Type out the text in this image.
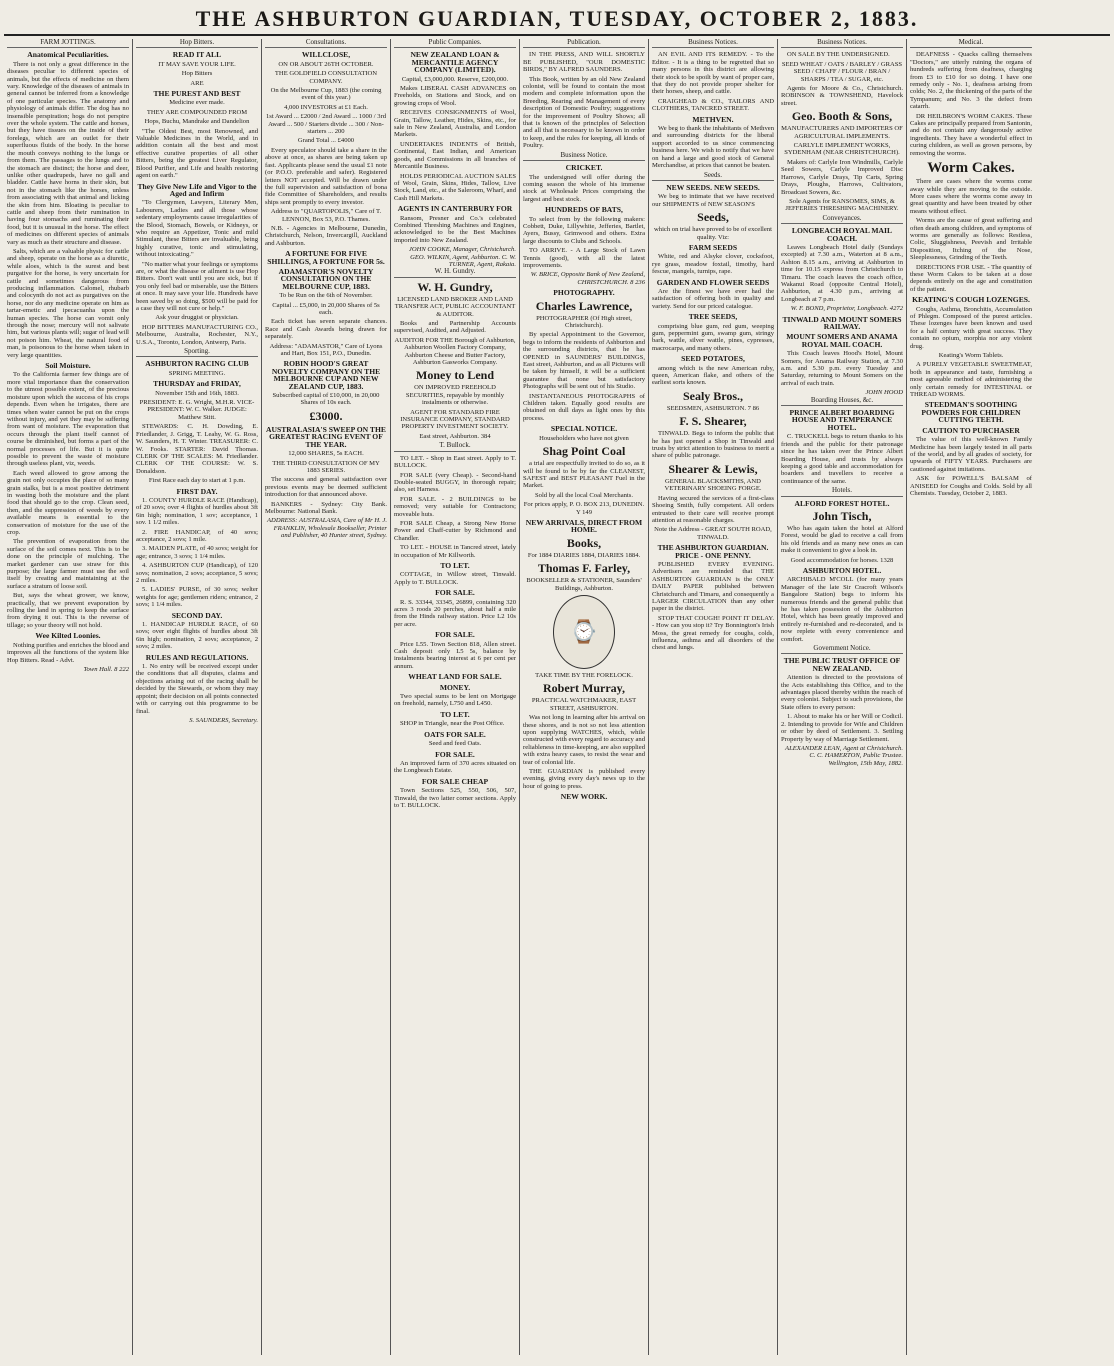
THE ASHBURTON GUARDIAN, TUESDAY, OCTOBER 2, 1883.
FARM JOTTINGS.
Anatomical Peculiarities.

There is not only a great difference in the diseases peculiar to different species of animals, but the effects of medicine on them vary. Knowledge of the diseases of animals in general cannot be inferred from a knowledge of one particular species. The anatomy and physiology of animals differ. The dog has no insensible perspiration; hogs do not perspire over the whole system. The cattle and horses, but they have tissues on the inside of their forelegs, which are an outlet for their superfluous fluids of the body. In the horse the mouth conveys nothing to the lungs or from them. The passages to the lungs and to the stomach are distinct; the horse and deer, unlike other quadrupeds, have no gall and bladder. Cattle have horns in their skin, but not in the stomach like the horses, unless from associating with that animal and licking the skin from him. Bloating is peculiar to cattle and sheep from their rumination in having four stomachs and ruminating their food, but it is unusual in the horse. The effect of medicines on different species of animals vary as much as their structure and disease.

Salts, which are a valuable physic for cattle and sheep, operate on the horse as a diuretic, while aloes, which is the surest and best purgative for the horse, is very uncertain for cattle and sometimes dangerous from producing inflammation. Calomel, rhubarb and colocynth do not act as purgatives on the horse, nor do any medicine operate on him as tartar-emetic and ipecacuanha upon the human species. The horse can vomit only through the nose; mercury will not salivate him, but various plants will; sugar of lead will not poison him. Wheat, the natural food of man, is poisonous to the horse when taken in very large quantities.

Soil Moisture.

To the California farmer few things are of more vital importance than the conservation to the utmost possible extent, of the precious moisture upon which the success of his crops depends. Even when he irrigates, there are times when water cannot be put on the crops without injury, and yet they may be suffering from want of moisture. The evaporation that occurs through the plant itself cannot of course be diminished, but forms a part of the normal processes of life. But it is quite possible to prevent the waste of moisture through useless plant, viz, weeds.

Each weed allowed to grow among the grain not only occupies the place of so many grain stalks, but is a most positive detriment in wasting both the moisture and the plant food that should go to the crop. Clean seed, then, and the suppression of weeds by every available means is essential to the conservation of moisture for the use of the crop.

The prevention of evaporation from the surface of the soil comes next. This is to be done on the principle of mulching. The market gardener can use straw for this purpose; the large farmer must use the soil itself by creating and maintaining at the surface a stratum of loose soil.

But, says the wheat grower, we know, practically, that we prevent evaporation by rolling the land in spring to keep the surface from drying it out. This is the reverse of tillage; so your theory will not hold.

Wee Kilted Loonies.

Nothing purifies and enriches the blood and improves all the functions of the system like Hop Bitters. Read - Advt.

Town Hall. 8 222
Hop Bitters.
READ IT ALL
IT MAY SAVE YOUR LIFE.
Hop Bitters
ARE
THE PUREST AND BEST
Medicine ever made.
THEY ARE COMPOUNDED FROM
Hops, Buchu, Mandrake and Dandelion

"The Oldest Best, most Renowned, and Valuable Medicines in the World, and in addition contain all the best and most effective curative properties of all other Bitters, being the greatest Liver Regulator, Blood Purifier, and Life and health restoring agent on earth."

They Give New Life and Vigor to the Aged and Infirm

"To Clergymen, Lawyers, Literary Men, Labourers, Ladies and all those whose sedentary employments cause irregularities of the Blood, Stomach, Bowels, or Kidneys, or who require an Appetizer, Tonic and mild Stimulant, these Bitters are invaluable, being highly curative, tonic and stimulating, without intoxicating."

"No matter what your feelings or symptoms are, or what the disease or ailment is use Hop Bitters. Don't wait until you are sick, but if you only feel bad or miserable, use the Bitters at once. It may save your life. Hundreds have been saved by so doing, $500 will be paid for a case they will not cure or help."

Ask your druggist or physician.

HOP BITTERS MANUFACTURING CO., Melbourne, Australia, Rochester, N.Y., U.S.A., Toronto, London, Antwerp, Paris.

Sporting.
ASHBURTON RACING CLUB
SPRING MEETING.
THURSDAY and FRIDAY,
November 15th and 16th, 1883.
PRESIDENT: E. G. Wright, M.H.R. VICE-PRESIDENT: W. C. Walker. JUDGE: Matthew Stitt.

STEWARDS: C. H. Dowding, E. Friedlander, J. Grigg, T. Leahy, W. G. Ross, W. Saunders, H. T. Winter. TREASURER: C. W. Fooks. STARTER: David Thomas. CLERK OF THE SCALES: M. Friedlander. CLERK OF THE COURSE: W. S. Donaldson.

First Race each day to start at 1 p.m.
FIRST DAY.

1. COUNTY HURDLE RACE (Handicap), of 20 sovs; over 4 flights of hurdles about 3ft 6in high; nomination, 1 sov; acceptance, 1 sov. 1 1/2 miles.

2. FIRE HANDICAP, of 40 sovs; acceptance, 2 sovs; 1 mile.

3. MAIDEN PLATE, of 40 sovs; weight for age; entrance, 3 sovs; 1 1/4 miles.

4. ASHBURTON CUP (Handicap), of 120 sovs; nomination, 2 sovs; acceptance, 5 sovs; 2 miles.

5. LADIES' PURSE, of 30 sovs; welter weights for age; gentlemen riders; entrance, 2 sovs; 1 1/4 miles.

SECOND DAY.

1. HANDICAP HURDLE RACE, of 60 sovs; over eight flights of hurdles about 3ft 6in high; nomination, 2 sovs; acceptance, 2 sovs; 2 miles.

RULES AND REGULATIONS.

1. No entry will be received except under the conditions that all disputes, claims and objections arising out of the racing shall be decided by the Stewards, or whom they may appoint; their decision on all points connected with or carrying out this programme to be final.

S. SAUNDERS, Secretary.
Consultations.
WILLCLOSE,
ON OR ABOUT 26TH OCTOBER.
THE GOLDFIELD CONSULTATION COMPANY.
On the Melbourne Cup, 1883 (the coming event of this year.)
4,000 INVESTORS at £1 Each.
1st Award ... £2000 / 2nd Award ... 1000 / 3rd Award ... 500 / Starters divide ... 300 / Non-starters ... 200
Grand Total ... £4000

Every speculator should take a share in the above at once, as shares are being taken up fast. Applicants please send the usual £1 note (or P.O.O. preferable and safer). Registered letters NOT accepted. Will be drawn under the full supervision and satisfaction of bona fide Committee of Shareholders, and results ships sent promptly to every investor.

Address to "QUARTOPOLIS," Care of T. LENNON, Box 53, P.O. Thames.

N.B. - Agencies in Melbourne, Dunedin, Christchurch, Nelson, Invercargill, Auckland and Ashburton.

A FORTUNE FOR FIVE SHILLINGS, A FORTUNE FOR 5s.
ADAMASTOR'S NOVELTY CONSULTATION ON THE MELBOURNE CUP, 1883.
To be Run on the 6th of November.
Capital ... £5,000, in 20,000 Shares of 5s each.

Each ticket has seven separate chances. Race and Cash Awards being drawn for separately.

Address: "ADAMASTOR," Care of Lyons and Hart, Box 151, P.O., Dunedin.
ROBIN HOOD'S GREAT NOVELTY COMPANY ON THE MELBOURNE CUP AND NEW ZEALAND CUP, 1883.
Subscribed capital of £10,000, in 20,000 Shares of 10s each.
£3000.
AUSTRALASIA'S SWEEP ON THE GREATEST RACING EVENT OF THE YEAR.
12,000 SHARES, 5s EACH.
THE THIRD CONSULTATION OF MY 1883 SERIES.

The success and general satisfaction over previous events may be deemed sufficient introduction for that announced above.

BANKERS - Sydney: City Bank. Melbourne: National Bank.

ADDRESS: AUSTRALASIA, Care of Mr H. J. FRANKLIN, Wholesale Bookseller, Printer and Publisher, 40 Hunter street, Sydney.
Public Companies.
NEW ZEALAND LOAN & MERCANTILE AGENCY COMPANY (LIMITED).
Capital, £3,000,000. Reserve, £200,000.

Makes LIBERAL CASH ADVANCES on Freeholds, on Stations and Stock, and on growing crops of Wool.

RECEIVES CONSIGNMENTS of Wool, Grain, Tallow, Leather, Hides, Skins, etc., for sale in New Zealand, Australia, and London Markets.

UNDERTAKES INDENTS of British, Continental, East Indian, and American goods, and Commissions in all branches of Mercantile Business.

HOLDS PERIODICAL AUCTION SALES of Wool, Grain, Skins, Hides, Tallow, Live Stock, Land, etc., at the Saleroom, Wharf, and Cash Hill Markets.

AGENTS IN CANTERBURY FOR

Ransom, Presner and Co.'s celebrated Combined Threshing Machines and Engines, acknowledged to be the Best Machines imported into New Zealand.

JOHN COOKE, Manager, Christchurch. GEO. WILKIN, Agent, Ashburton. C. W. TURNER, Agent, Rakaia.
W. H. Gundry.
W. H. Gundry,
LICENSED LAND BROKER AND LAND TRANSFER ACT, PUBLIC ACCOUNTANT & AUDITOR.

Books and Partnership Accounts supervised, Audited, and Adjusted.

AUDITOR FOR THE Borough of Ashburton, Ashburton Woollen Factory Company, Ashburton Cheese and Butter Factory, Ashburton Gasworks Company.
Money to Lend
ON IMPROVED FREEHOLD SECURITIES, repayable by monthly instalments or otherwise.
AGENT FOR STANDARD FIRE INSURANCE COMPANY, STANDARD PROPERTY INVESTMENT SOCIETY.
East street, Ashburton. 384
T. Bullock.

TO LET. - Shop in East street. Apply to T. BULLOCK.

FOR SALE (very Cheap). - Second-hand Double-seated BUGGY, in thorough repair; also, set Harness.

FOR SALE. - 2 BUILDINGS to be removed; very suitable for Contractors; moveable huts.

FOR SALE Cheap, a Strong New Horse Power and Chaff-cutter by Richmond and Chandler.

TO LET. - HOUSE in Tancred street, lately in occupation of Mr Killworth.

TO LET.

COTTAGE, in Willow street, Tinwald. Apply to T. BULLOCK.

FOR SALE.

R. S. 33344, 33345, 26899, containing 320 acres 3 roods 20 perches, about half a mile from the Hinds railway station. Price L2 10s per acre.

FOR SALE.

Price L55. Town Section 818, Allen street. Cash deposit only L5 5s, balance by instalments bearing interest at 6 per cent per annum.

WHEAT LAND FOR SALE.
MONEY.

Two special sums to be lent on Mortgage on freehold, namely, L750 and L450.

TO LET.

SHOP in Triangle, near the Post Office.

OATS FOR SALE.
Seed and feed Oats.
FOR SALE.

An improved farm of 370 acres situated on the Longbeach Estate.

FOR SALE CHEAP

Town Sections 525, 550, 506, 507, Tinwald, the two latter corner sections. Apply to T. BULLOCK.

Publication.

IN THE PRESS, AND WILL SHORTLY BE PUBLISHED, "OUR DOMESTIC BIRDS," BY ALFRED SAUNDERS.

This Book, written by an old New Zealand colonist, will be found to contain the most modern and complete information upon the Breeding, Rearing and Management of every description of Domestic Poultry; suggestions for the improvement of Poultry Shows; all that is known of the principles of Selection and all that is necessary to be known in order to keep, and the rules for keeping, all kinds of Poultry.

Business Notice.
CRICKET.

The undersigned will offer during the coming season the whole of his immense stock at Wholesale Prices comprising the largest and best stock.

HUNDREDS OF BATS,

To select from by the following makers: Cobbett, Duke, Lillywhite, Jefferies, Bartlet, Ayers, Bussy, Grimwood and others. Extra large discounts to Clubs and Schools.

TO ARRIVE. - A Large Stock of Lawn Tennis (good), with all the latest improvements.

W. BRICE, Opposite Bank of New Zealand, CHRISTCHURCH. 8 236
PHOTOGRAPHY.
Charles Lawrence,
PHOTOGRAPHER (Of High street, Christchurch).

By special Appointment to the Governor, begs to inform the residents of Ashburton and the surrounding districts, that he has OPENED in SAUNDERS' BUILDINGS, East street, Ashburton, and as all Pictures will be taken by himself, it will be a sufficient guarantee that none but satisfactory Photographs will be sent out of his Studio.

INSTANTANEOUS PHOTOGRAPHS of Children taken. Equally good results are obtained on dull days as light ones by this process.

SPECIAL NOTICE.
Householders who have not given
Shag Point Coal

a trial are respectfully invited to do so, as it will be found to be by far the CLEANEST, SAFEST and BEST PLEASANT Fuel in the Market.

Sold by all the local Coal Merchants.
For prices apply, P. O. BOX 213, DUNEDIN. Y 149
NEW ARRIVALS, DIRECT FROM HOME.
Books,
For 1884 DIARIES 1884, DIARIES 1884.
Thomas F. Farley,
BOOKSELLER & STATIONER, Saunders' Buildings, Ashburton.
⌚
TAKE TIME BY THE FORELOCK.
Robert Murray,
PRACTICAL WATCHMAKER, EAST STREET, ASHBURTON.

Was not long in learning after his arrival on these shores, and is not so not less attention upon supplying WATCHES, which, while constructed with every regard to accuracy and reliableness in time-keeping, are also supplied with extra heavy cases, to resist the wear and tear of colonial life.

THE GUARDIAN is published every evening, giving every day's news up to the hour of going to press.

NEW WORK.
Business Notices.

AN EVIL AND ITS REMEDY. - To the Editor. - It is a thing to be regretted that so many persons in this district are allowing their stock to be spoilt by want of proper care, that they do not provide proper shelter for their horses, sheep, and cattle.

CRAIGHEAD & CO., TAILORS AND CLOTHIERS, TANCRED STREET.

METHVEN.

We beg to thank the inhabitants of Methven and surrounding districts for the liberal support accorded to us since commencing business here. We wish to notify that we have on hand a large and good stock of General Merchandise, at prices that cannot be beaten.

Seeds.
NEW SEEDS. NEW SEEDS.

We beg to intimate that we have received our SHIPMENTS of NEW SEASON'S

Seeds,
which on trial have proved to be of excellent quality. Viz:
FARM SEEDS

White, red and Alsyke clover, cocksfoot, rye grass, meadow foxtail, timothy, hard fescue, mangels, turnips, rape.

GARDEN AND FLOWER SEEDS

Are the finest we have ever had the satisfaction of offering both in quality and variety. Send for our priced catalogue.

TREE SEEDS,

comprising blue gum, red gum, weeping gum, peppermint gum, swamp gum, stringy bark, wattle, silver wattle, pines, cypresses, macrocarpa, and many others.

SEED POTATOES,

among which is the new American ruby, queen, American flake, and others of the earliest sorts known.

Sealy Bros.,
SEEDSMEN, ASHBURTON. 7 86
F. S. Shearer,

TINWALD. Begs to inform the public that he has just opened a Shop in Tinwald and trusts by strict attention to business to merit a share of public patronage.

Shearer & Lewis,
GENERAL BLACKSMITHS, AND VETERINARY SHOEING FORGE.

Having secured the services of a first-class Shoeing Smith, fully competent. All orders entrusted to their care will receive prompt attention at reasonable charges.

Note the Address - GREAT SOUTH ROAD, TINWALD.
THE ASHBURTON GUARDIAN. PRICE - ONE PENNY.

PUBLISHED EVERY EVENING. Advertisers are reminded that THE ASHBURTON GUARDIAN is the ONLY DAILY PAPER published between Christchurch and Timaru, and consequently a LARGER CIRCULATION than any other paper in the district.

STOP THAT COUGH! POINT IT DELAY. - How can you stop it? Try Bonnington's Irish Moss, the great remedy for coughs, colds, influenza, asthma and all disorders of the chest and lungs.

Business Notices.

ON SALE BY THE UNDERSIGNED.

SEED WHEAT / OATS / BARLEY / GRASS SEED / CHAFF / FLOUR / BRAN / SHARPS / TEA / SUGAR, etc.

Agents for Moore & Co., Christchurch. ROBINSON & TOWNSHEND, Havelock street.

Geo. Booth & Sons,
MANUFACTURERS AND IMPORTERS OF AGRICULTURAL IMPLEMENTS.
CARLYLE IMPLEMENT WORKS, SYDENHAM (NEAR CHRISTCHURCH).

Makers of: Carlyle Iron Windmills, Carlyle Seed Sowers, Carlyle Improved Disc Harrows, Carlyle Drays, Tip Carts, Spring Drays, Ploughs, Harrows, Cultivators, Broadcast Sowers, &c.

Sole Agents for RANSOMES, SIMS, & JEFFERIES THRESHING MACHINERY.
Conveyances.
LONGBEACH ROYAL MAIL COACH.

Leaves Longbeach Hotel daily (Sundays excepted) at 7.30 a.m., Waterton at 8 a.m., Ashton 8.15 a.m., arriving at Ashburton in time for 10.15 express from Christchurch to Timaru. The coach leaves the coach office, Wakanui Road (opposite Central Hotel), Ashburton, at 4.30 p.m., arriving at Longbeach at 7 p.m.

W. F. BOND, Proprietor, Longbeach. 4272
TINWALD AND MOUNT SOMERS RAILWAY.
MOUNT SOMERS AND ANAMA ROYAL MAIL COACH.

This Coach leaves Hood's Hotel, Mount Somers, for Anama Railway Station, at 7.30 a.m. and 5.30 p.m. every Tuesday and Saturday, returning to Mount Somers on the arrival of each train.

JOHN HOOD
Boarding Houses, &c.
PRINCE ALBERT BOARDING HOUSE AND TEMPERANCE HOTEL.

C. TRUCKELL begs to return thanks to his friends and the public for their patronage since he has taken over the Prince Albert Boarding House, and trusts by always keeping a good table and accommodation for boarders and travellers to receive a continuance of the same.

Hotels.
ALFORD FOREST HOTEL.
John Tisch,

Who has again taken the hotel at Alford Forest, would be glad to receive a call from his old friends and as many new ones as can make it convenient to give a look in.

Good accommodation for horses. 1328
ASHBURTON HOTEL.

ARCHIBALD M'COLL (for many years Manager of the late Sir Cracroft Wilson's Bangalore Station) begs to inform his numerous friends and the general public that he has taken possession of the Ashburton Hotel, which has been greatly improved and entirely re-furnished and re-decorated, and is now replete with every convenience and comfort.

Government Notice.
THE PUBLIC TRUST OFFICE OF NEW ZEALAND.

Attention is directed to the provisions of the Acts establishing this Office, and to the advantages placed thereby within the reach of every colonist. Subject to such provisions, the State offers to every person:

1. About to make his or her Will or Codicil. 2. Intending to provide for Wife and Children or other by deed of Settlement. 3. Settling Property by way of Marriage Settlement.

ALEXANDER LEAN, Agent at Christchurch. C. C. HAMERTON, Public Trustee. Wellington, 15th May, 1882.
Medical.

DEAFNESS - Quacks calling themselves "Doctors," are utterly ruining the organs of hundreds suffering from deafness, charging from £3 to £10 for so doing. I have one remedy only - No. 1, deafness arising from colds; No. 2, the thickening of the parts of the Tympanum; and No. 3 the defect from catarrh.

DR HEILBRON'S WORM CAKES. These Cakes are principally prepared from Santonin, and do not contain any dangerously active ingredients. They have a wonderful effect in curing children, as well as grown persons, by removing the worms.

Worm Cakes.

There are cases where the worms come away while they are moving to the outside. More cases where the worms come away in great quantity and have been treated by other means without effect.

Worms are the cause of great suffering and often death among children, and symptoms of worms are generally as follows: Restless, Colic, Sluggishness, Peevish and Irritable Disposition, Itching of the Nose, Sleeplessness, Grinding of the Teeth.

DIRECTIONS FOR USE. - The quantity of these Worm Cakes to be taken at a dose depends entirely on the age and constitution of the patient.

KEATING'S COUGH LOZENGES.

Coughs, Asthma, Bronchitis, Accumulation of Phlegm. Composed of the purest articles. These lozenges have been known and used for a half century with great success. They contain no opium, morphia nor any violent drug.

Keating's Worm Tablets.

A PURELY VEGETABLE SWEETMEAT, both in appearance and taste, furnishing a most agreeable method of administering the only certain remedy for INTESTINAL or THREAD WORMS.

STEEDMAN'S SOOTHING POWDERS FOR CHILDREN CUTTING TEETH.
CAUTION TO PURCHASER

The value of this well-known Family Medicine has been largely tested in all parts of the world, and by all grades of society, for upwards of FIFTY YEARS. Purchasers are cautioned against imitations.

ASK for POWELL'S BALSAM of ANISEED for Coughs and Colds. Sold by all Chemists. Tuesday, October 2, 1883.
